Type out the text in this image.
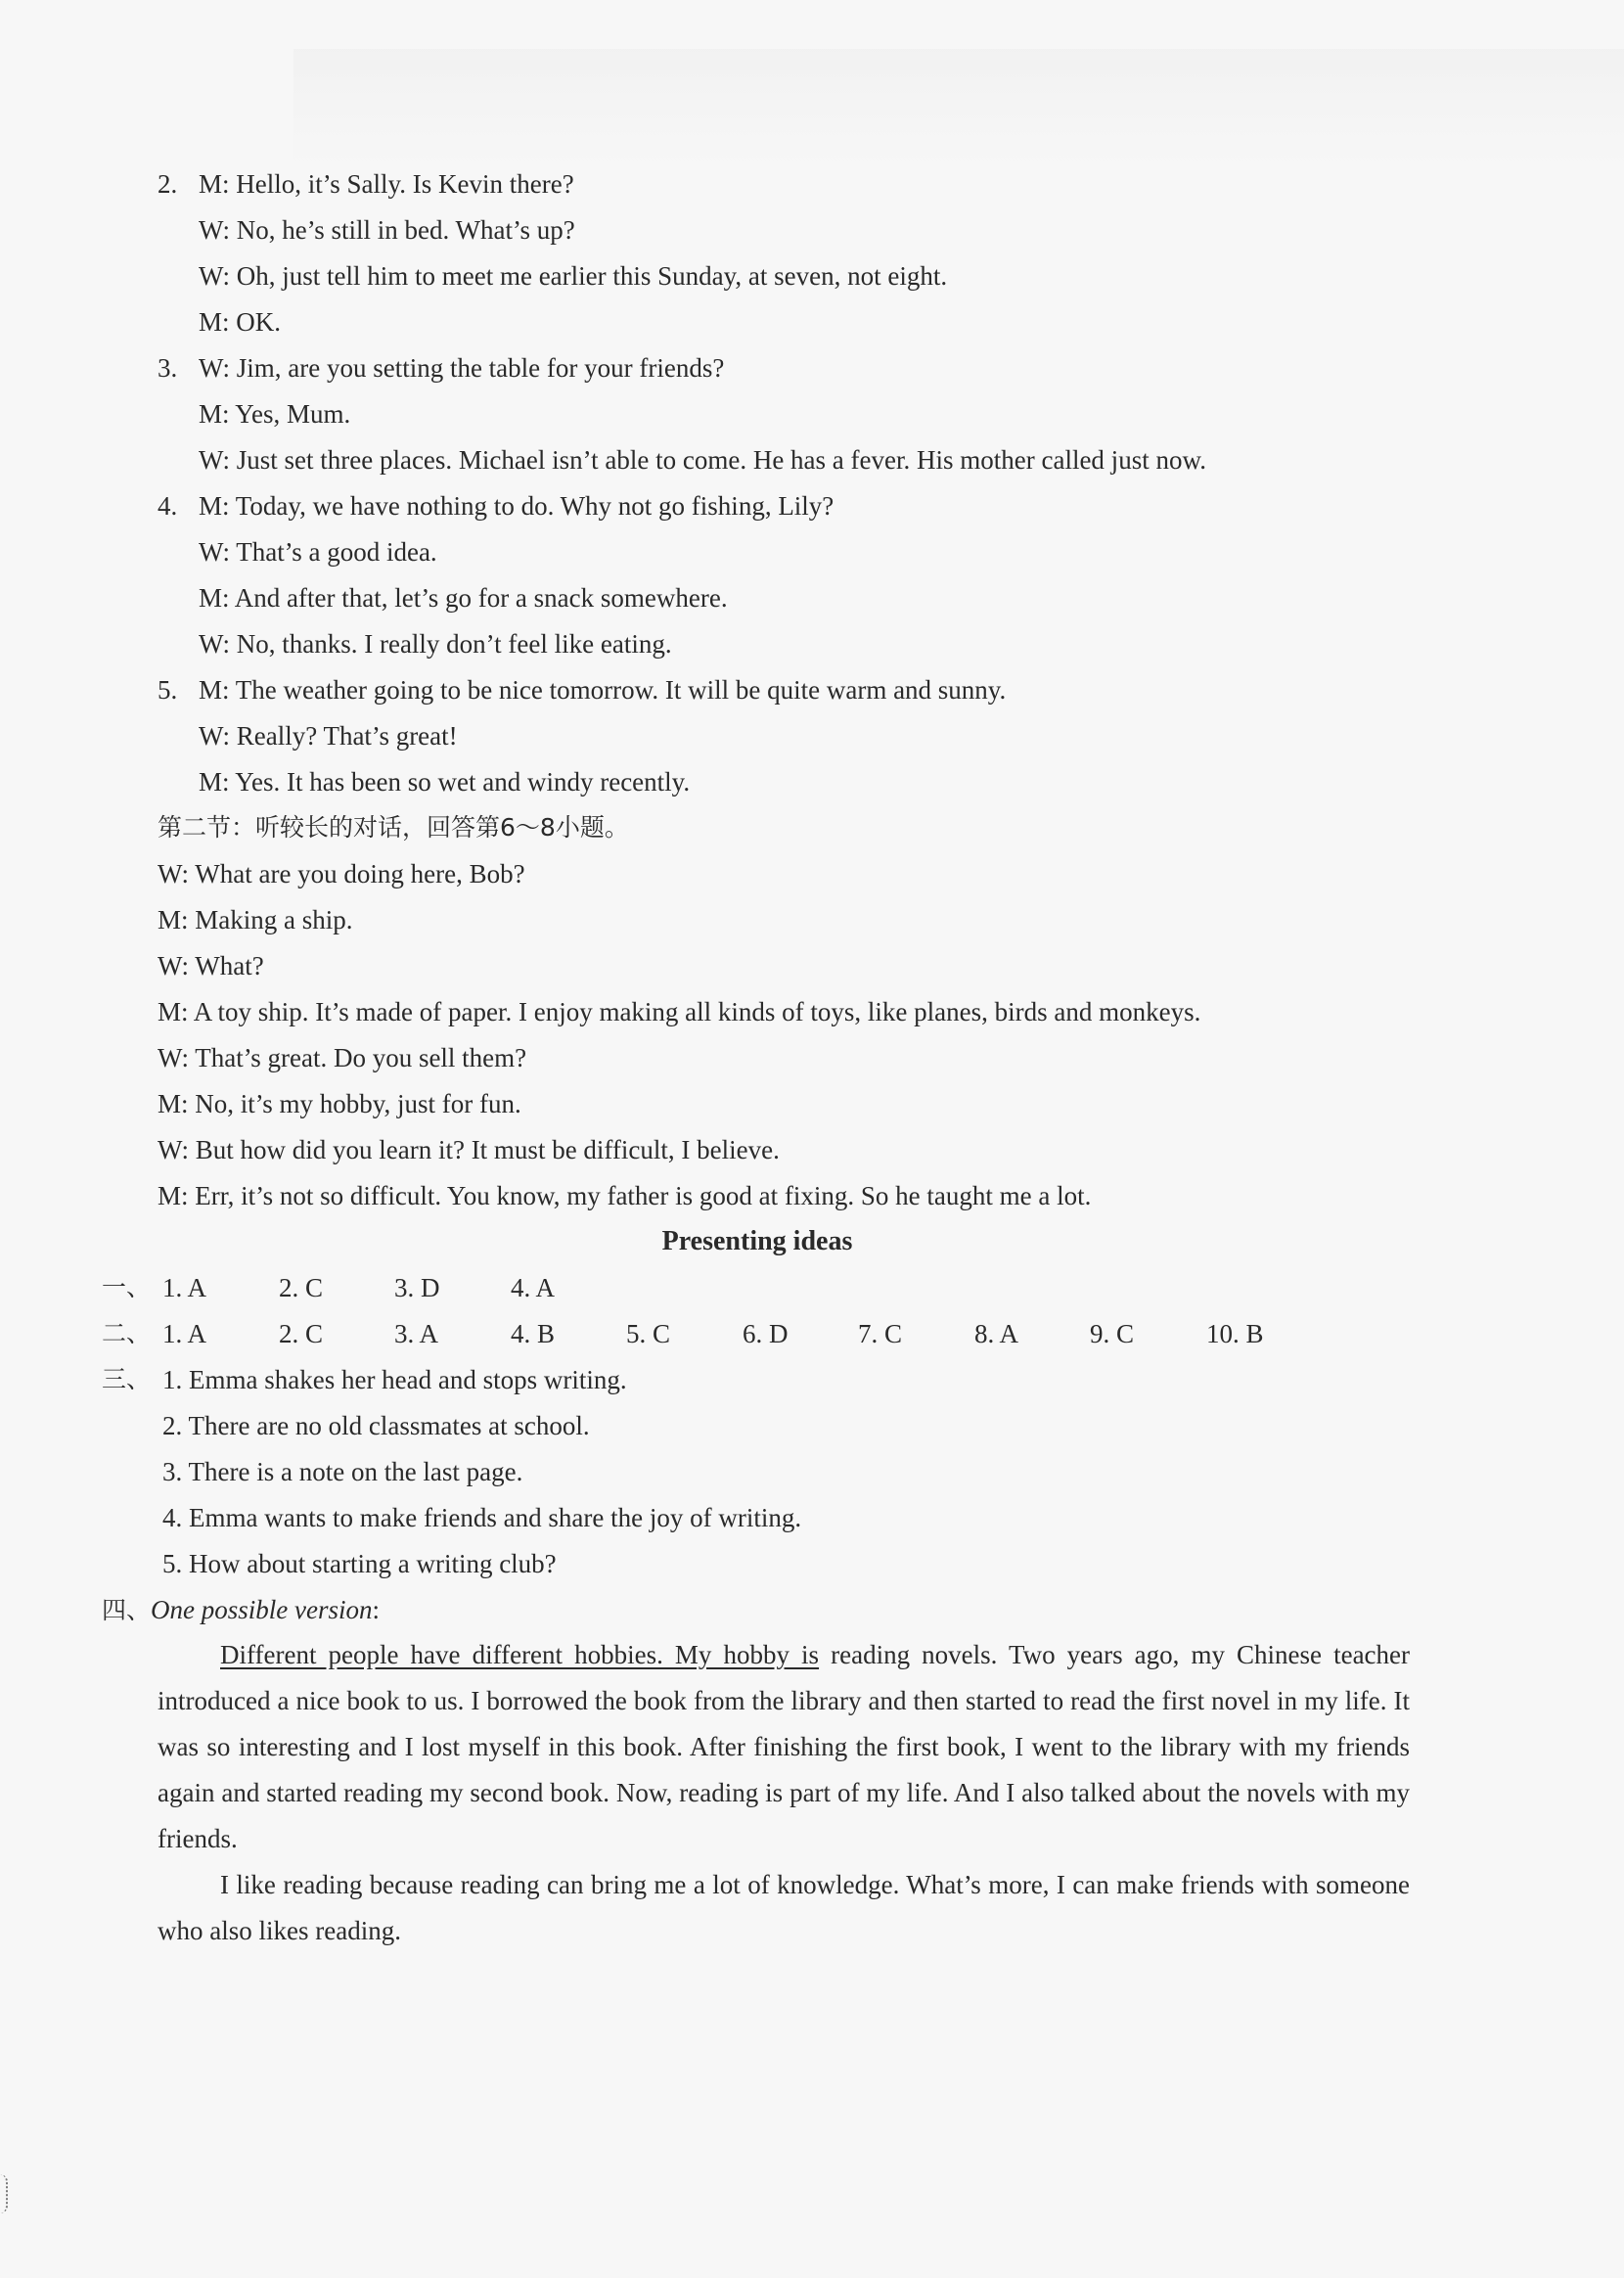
2. M: Hello, it’s Sally. Is Kevin there?
W: No, he’s still in bed. What’s up?
W: Oh, just tell him to meet me earlier this Sunday, at seven, not eight.
M: OK.
3. W: Jim, are you setting the table for your friends?
M: Yes, Mum.
W: Just set three places. Michael isn’t able to come. He has a fever. His mother called just now.
4. M: Today, we have nothing to do. Why not go fishing, Lily?
W: That’s a good idea.
M: And after that, let’s go for a snack somewhere.
W: No, thanks. I really don’t feel like eating.
5. M: The weather going to be nice tomorrow. It will be quite warm and sunny.
W: Really? That’s great!
M: Yes. It has been so wet and windy recently.
第二节：听较长的对话，回答第6～8小题。
W: What are you doing here, Bob?
M: Making a ship.
W: What?
M: A toy ship. It’s made of paper. I enjoy making all kinds of toys, like planes, birds and monkeys.
W: That’s great. Do you sell them?
M: No, it’s my hobby, just for fun.
W: But how did you learn it? It must be difficult, I believe.
M: Err, it’s not so difficult. You know, my father is good at fixing. So he taught me a lot.
Presenting ideas
一、 1. A	2. C	3. D	4. A
二、 1. A	2. C	3. A	4. B	5. C	6. D	7. C	8. A	9. C	10. B
三、 1. Emma shakes her head and stops writing.
2. There are no old classmates at school.
3. There is a note on the last page.
4. Emma wants to make friends and share the joy of writing.
5. How about starting a writing club?
四、One possible version:
Different people have different hobbies. My hobby is reading novels. Two years ago, my Chinese teacher introduced a nice book to us. I borrowed the book from the library and then started to read the first novel in my life. It was so interesting and I lost myself in this book. After finishing the first book, I went to the library with my friends again and started reading my second book. Now, reading is part of my life. And I also talked about the novels with my friends.
I like reading because reading can bring me a lot of knowledge. What’s more, I can make friends with someone who also likes reading.
